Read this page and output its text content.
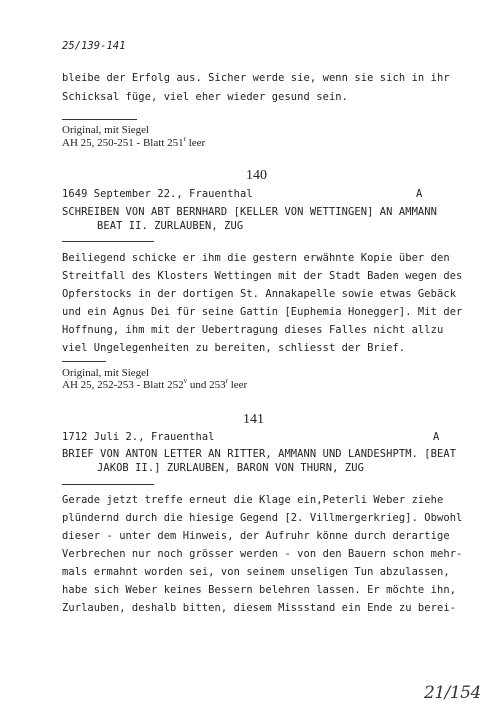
25/139-141
bleibe der Erfolg aus. Sicher werde sie, wenn sie sich in ihr
Schicksal füge, viel eher wieder gesund sein.
Original, mit Siegel
AH 25, 250-251 - Blatt 251$^r$ leer
140
1649 September 22., Frauenthal	A
SCHREIBEN VON ABT BERNHARD [KELLER VON WETTINGEN] AN AMMANN
BEAT II. ZURLAUBEN, ZUG
Beiliegend schicke er ihm die gestern erwähnte Kopie über den
Streitfall des Klosters Wettingen mit der Stadt Baden wegen des
Opferstocks in der dortigen St. Annakapelle sowie etwas Gebäck
und ein Agnus Dei für seine Gattin [Euphemia Honegger]. Mit der
Hoffnung, ihm mit der Uebertragung dieses Falles nicht allzu
viel Ungelegenheiten zu bereiten, schliesst der Brief.
Original, mit Siegel
AH 25, 252-253 - Blatt 252$^v$ und 253$^r$ leer
141
1712 Juli 2., Frauenthal	A
BRIEF VON ANTON LETTER AN RITTER, AMMANN UND LANDESHPTM. [BEAT
JAKOB II.] ZURLAUBEN, BARON VON THURN, ZUG
Gerade jetzt treffe erneut die Klage ein,Peterli Weber ziehe
plündernd durch die hiesige Gegend [2. Villmergerkrieg]. Obwohl
dieser - unter dem Hinweis, der Aufruhr könne durch derartige
Verbrechen nur noch grösser werden - von den Bauern schon mehr-
mals ermahnt worden sei, von seinem unseligen Tun abzulassen,
habe sich Weber keines Bessern belehren lassen. Er möchte ihn,
Zurlauben, deshalb bitten, diesem Missstand ein Ende zu berei-
21/154
